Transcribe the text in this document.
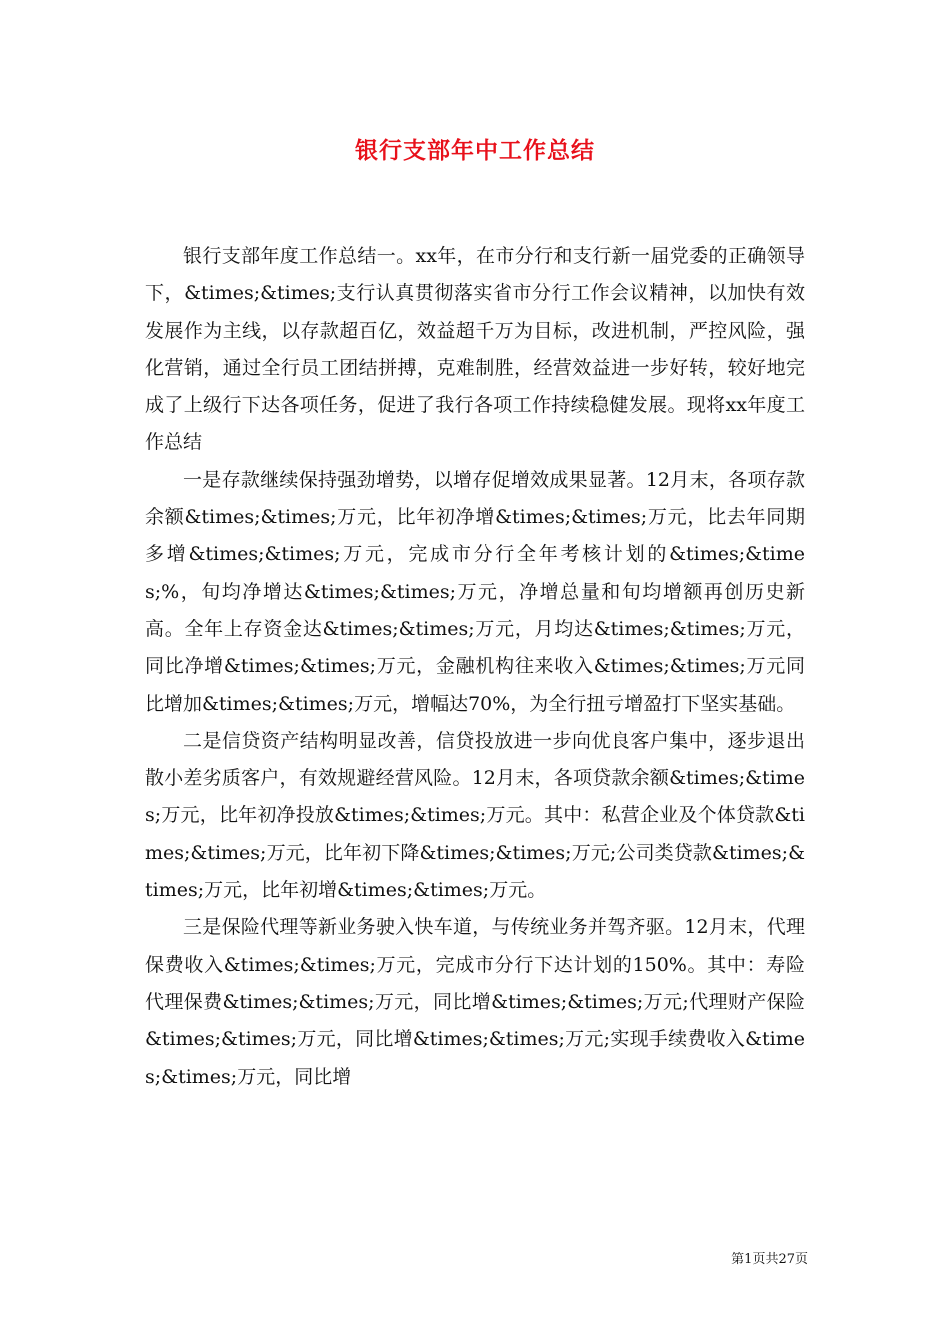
银行支部年中工作总结

银行支部年度工作总结一。xx年，在市分行和支行新一届党委的正确领导下，&times;&times;支行认真贯彻落实省市分行工作会议精神，以加快有效发展作为主线，以存款超百亿，效益超千万为目标，改进机制，严控风险，强化营销，通过全行员工团结拼搏，克难制胜，经营效益进一步好转，较好地完成了上级行下达各项任务，促进了我行各项工作持续稳健发展。现将xx年度工作总结

一是存款继续保持强劲增势，以增存促增效成果显著。12月末，各项存款余额&times;&times;万元，比年初净增&times;&times;万元，比去年同期多增&times;&times;万元，完成市分行全年考核计划的&times;&times;%，旬均净增达&times;&times;万元，净增总量和旬均增额再创历史新高。全年上存资金达&times;&times;万元，月均达&times;&times;万元，同比净增&times;&times;万元，金融机构往来收入&times;&times;万元同比增加&times;&times;万元，增幅达70%，为全行扭亏增盈打下坚实基础。

二是信贷资产结构明显改善，信贷投放进一步向优良客户集中，逐步退出散小差劣质客户，有效规避经营风险。12月末，各项贷款余额&times;&times;万元，比年初净投放&times;&times;万元。其中：私营企业及个体贷款&times;&times;万元，比年初下降&times;&times;万元;公司类贷款&times;&times;万元，比年初增&times;&times;万元。

三是保险代理等新业务驶入快车道，与传统业务并驾齐驱。12月末，代理保费收入&times;&times;万元，完成市分行下达计划的150%。其中：寿险代理保费&times;&times;万元，同比增&times;&times;万元;代理财产保险&times;&times;万元，同比增&times;&times;万元;实现手续费收入&times;&times;万元，同比增

第1页共27页
